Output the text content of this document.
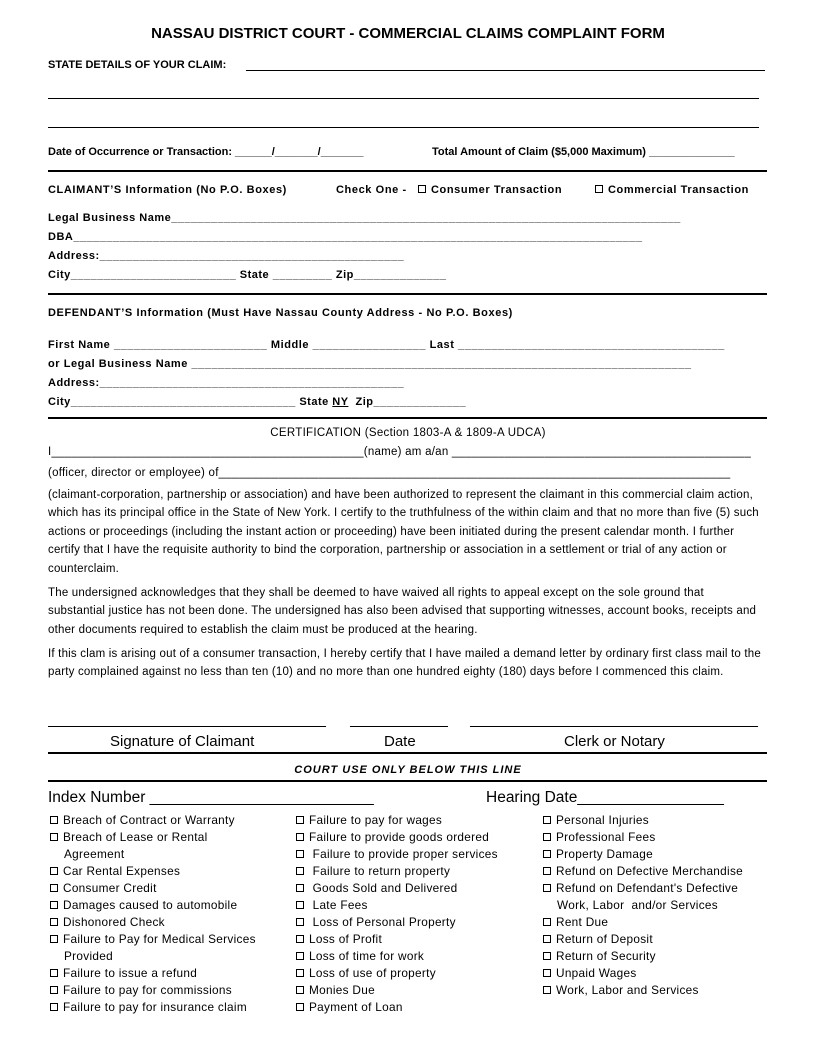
NASSAU DISTRICT COURT - COMMERCIAL CLAIMS COMPLAINT FORM
STATE DETAILS OF YOUR CLAIM:
Date of Occurrence or Transaction: ______/_______/_______	Total Amount of Claim ($5,000 Maximum) ______________
CLAIMANT’S Information (No P.O. Boxes)	Check One -	Consumer Transaction	Commercial Transaction
Legal Business Name_____________________________________________________________________________
DBA______________________________________________________________________________________
Address:______________________________________________
City_________________________ State _________ Zip______________
DEFENDANT’S Information (Must Have Nassau County Address - No P.O. Boxes)
First Name _______________________ Middle _________________ Last ________________________________________
or Legal Business Name ___________________________________________________________________________
Address:______________________________________________
City__________________________________ State NY  Zip______________
CERTIFICATION (Section 1803-A & 1809-A UDCA)
I_______________________________________________(name) am a/an _____________________________________________
(officer, director or employee) of_____________________________________________________________________________
(claimant-corporation, partnership or association) and have been authorized to represent the claimant in this commercial claim action, which has its principal office in the State of New York. I certify to the truthfulness of the within claim and that no more than five (5) such actions or proceedings (including the instant action or proceeding) have been initiated during the present calendar month. I further certify that I have the requisite authority to bind the corporation, partnership or association in a settlement or trial of any action or counterclaim.
The undersigned acknowledges that they shall be deemed to have waived all rights to appeal except on the sole ground that substantial justice has not been done. The undersigned has also been advised that supporting witnesses, account books, receipts and other documents required to establish the claim must be produced at the hearing.
If this clam is arising out of a consumer transaction, I hereby certify that I have mailed a demand letter by ordinary first class mail to the party complained against no less than ten (10) and no more than one hundred eighty (180) days before I commenced this claim.
Signature of Claimant	Date	Clerk or Notary
COURT USE ONLY BELOW THIS LINE
Index Number __________________________	Hearing Date_________________
Breach of Contract or Warranty
Breach of Lease or Rental
Agreement
Car Rental Expenses
Consumer Credit
Damages caused to automobile
Dishonored Check
Failure to Pay for Medical Services
Provided
Failure to issue a refund
Failure to pay for commissions
Failure to pay for insurance claim
Failure to pay for wages
Failure to provide goods ordered
Failure to provide proper services
Failure to return property
Goods Sold and Delivered
Late Fees
Loss of Personal Property
Loss of Profit
Loss of time for work
Loss of use of property
Monies Due
Payment of Loan
Personal Injuries
Professional Fees
Property Damage
Refund on Defective Merchandise
Refund on Defendant's Defective
Work, Labor  and/or Services
Rent Due
Return of Deposit
Return of Security
Unpaid Wages
Work, Labor and Services
